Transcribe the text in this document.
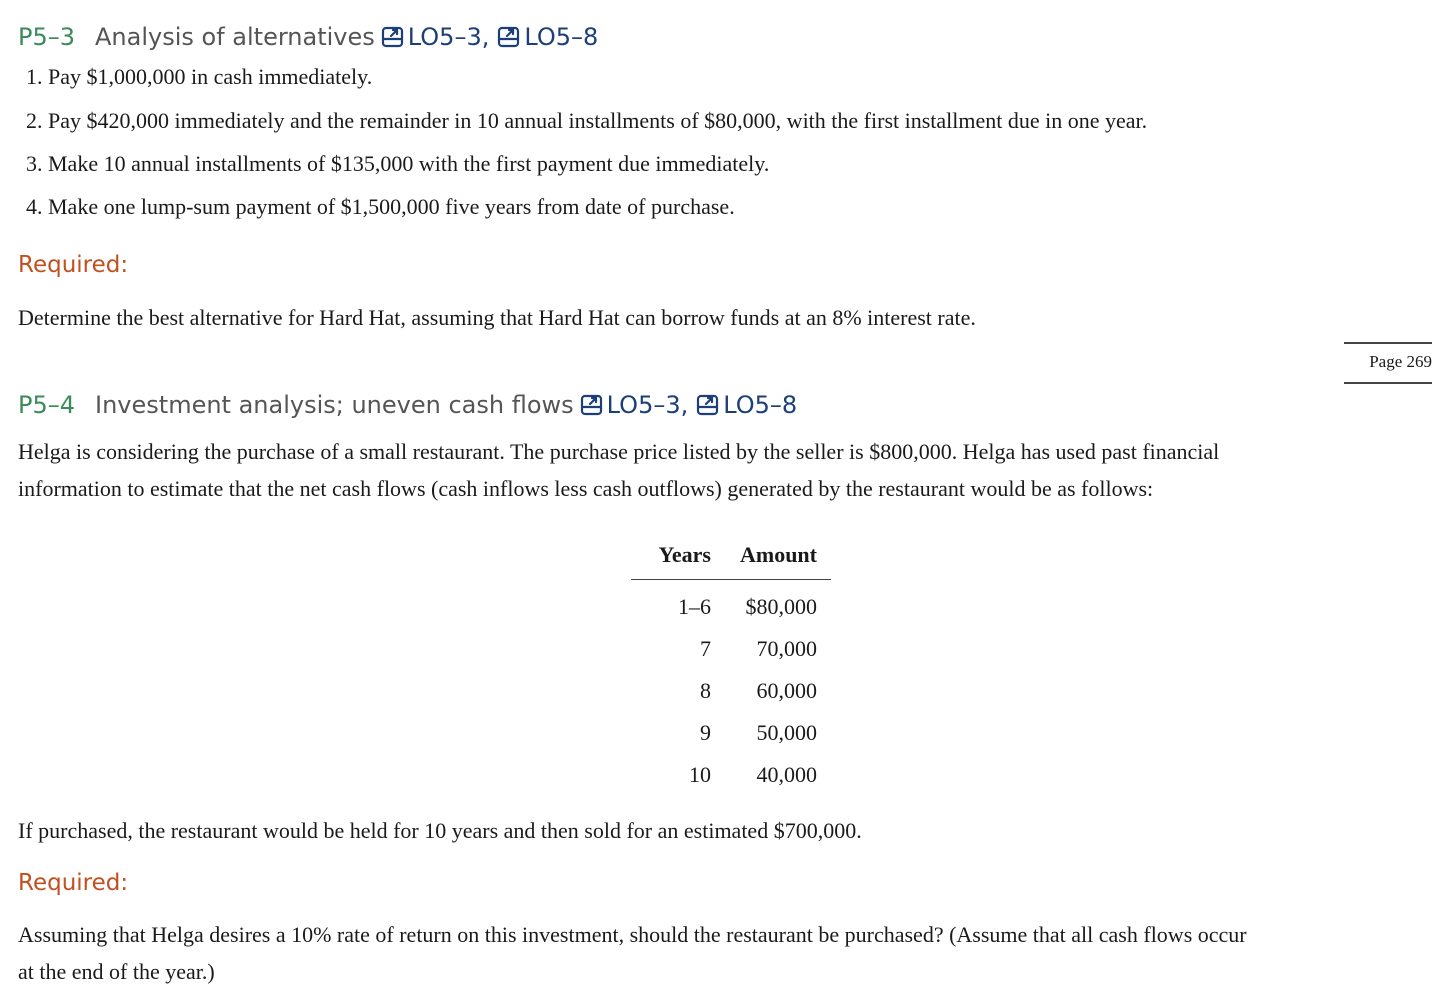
P5–3 Analysis of alternatives LO5–3 , LO5–8
1. Pay $1,000,000 in cash immediately.
2. Pay $420,000 immediately and the remainder in 10 annual installments of $80,000, with the first installment due in one year.
3. Make 10 annual installments of $135,000 with the first payment due immediately.
4. Make one lump-sum payment of $1,500,000 five years from date of purchase.
Required:
Determine the best alternative for Hard Hat, assuming that Hard Hat can borrow funds at an 8% interest rate.
Page 269
P5–4 Investment analysis; uneven cash flows LO5–3 , LO5–8
Helga is considering the purchase of a small restaurant. The purchase price listed by the seller is $800,000. Helga has used past financial
information to estimate that the net cash flows (cash inflows less cash outflows) generated by the restaurant would be as follows:
Years	Amount
1–6	$80,000
7	70,000
8	60,000
9	50,000
10	40,000
If purchased, the restaurant would be held for 10 years and then sold for an estimated $700,000.
Required:
Assuming that Helga desires a 10% rate of return on this investment, should the restaurant be purchased? (Assume that all cash flows occur
at the end of the year.)
